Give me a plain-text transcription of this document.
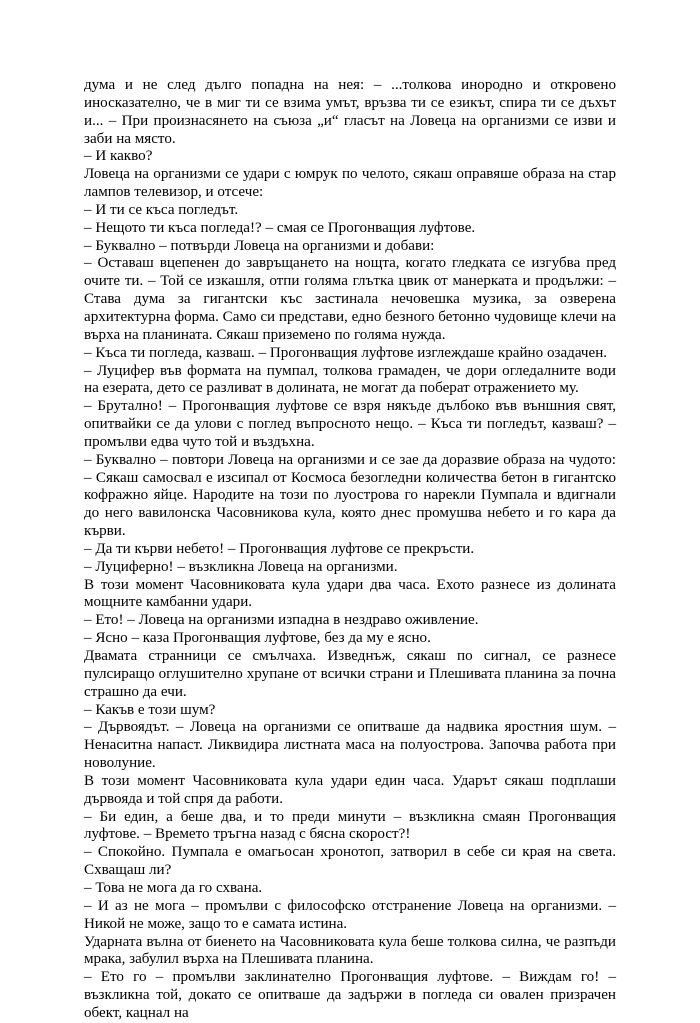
дума и не след дълго попадна на нея: – ...толкова инородно и откровено иносказателно, че в миг ти се взима умът, връзва ти се езикът, спира ти се дъхът и... – При произнасянето на съюза „и“ гласът на Ловеца на организми се изви и заби на място.

– И какво?

Ловеца на организми се удари с юмрук по челото, сякаш оправяше образа на стар лампов телевизор, и отсече:

– И ти се къса погледът.

– Нещото ти къса погледа!? – смая се Прогонващия луфтове.

– Буквално – потвърди Ловеца на организми и добави:

– Оставаш вцепенен до завръщането на нощта, когато гледката се изгубва пред очите ти. – Той се изкашля, отпи голяма глътка цвик от манерката и продължи: – Става дума за гигантски къс застинала нечовешка музика, за озверена архитектурна форма. Само си представи, едно безного бетонно чудовище клечи на върха на планината. Сякаш приземено по голяма нужда.

– Къса ти погледа, казваш. – Прогонващия луфтове изглеждаше крайно озадачен.

– Луцифер във формата на пумпал, толкова грамаден, че дори огледалните води на езерата, дето се разливат в долината, не могат да поберат отражението му.

– Брутално! – Прогонващия луфтове се взря някъде дълбоко във външния свят, опитвайки се да улови с поглед въпросното нещо. – Къса ти погледът, казваш? – промълви едва чуто той и въздъхна.

– Буквално – повтори Ловеца на организми и се зае да доразвие образа на чудото: – Сякаш самосвал е изсипал от Космоса безогледни количества бетон в гигантско кофражно яйце. Народите на този по луострова го нарекли Пумпала и вдигнали до него вавилонска Часовникова кула, която днес промушва небето и го кара да кърви.

– Да ти кърви небето! – Прогонващия луфтове се прекръсти.

– Луциферно! – възкликна Ловеца на организми.

В този момент Часовниковата кула удари два часа. Ехото разнесе из долината мощните камбанни удари.

– Ето! – Ловеца на организми изпадна в нездраво оживление.

– Ясно – каза Прогонващия луфтове, без да му е ясно.

Двамата странници се смълчаха. Изведнъж, сякаш по сигнал, се разнесе пулсиращо оглушително хрупане от всички страни и Плешивата планина за почна страшно да ечи.

– Какъв е този шум?

– Дървоядът. – Ловеца на организми се опитваше да надвика яростния шум. – Ненаситна напаст. Ликвидира листната маса на полуострова. Започва работа при новолуние.

В този момент Часовниковата кула удари един часа. Ударът сякаш подплаши дървояда и той спря да работи.

– Би един, а беше два, и то преди минути – възкликна смаян Прогонващия луфтове. – Времето тръгна назад с бясна скорост?!

– Спокойно. Пумпала е омагьосан хронотоп, затворил в себе си края на света. Схващаш ли?

– Това не мога да го схвана.

– И аз не мога – промълви с философско отстранение Ловеца на организми. – Никой не може, защо то е самата истина.

Ударната вълна от биенето на Часовниковата кула беше толкова силна, че разпъди мрака, забулил върха на Плешивата планина.

– Ето го – промълви заклинателно Прогонващия луфтове. – Виждам го! – възкликна той, докато се опитваше да задържи в погледа си овален призрачен обект, кацнал на
